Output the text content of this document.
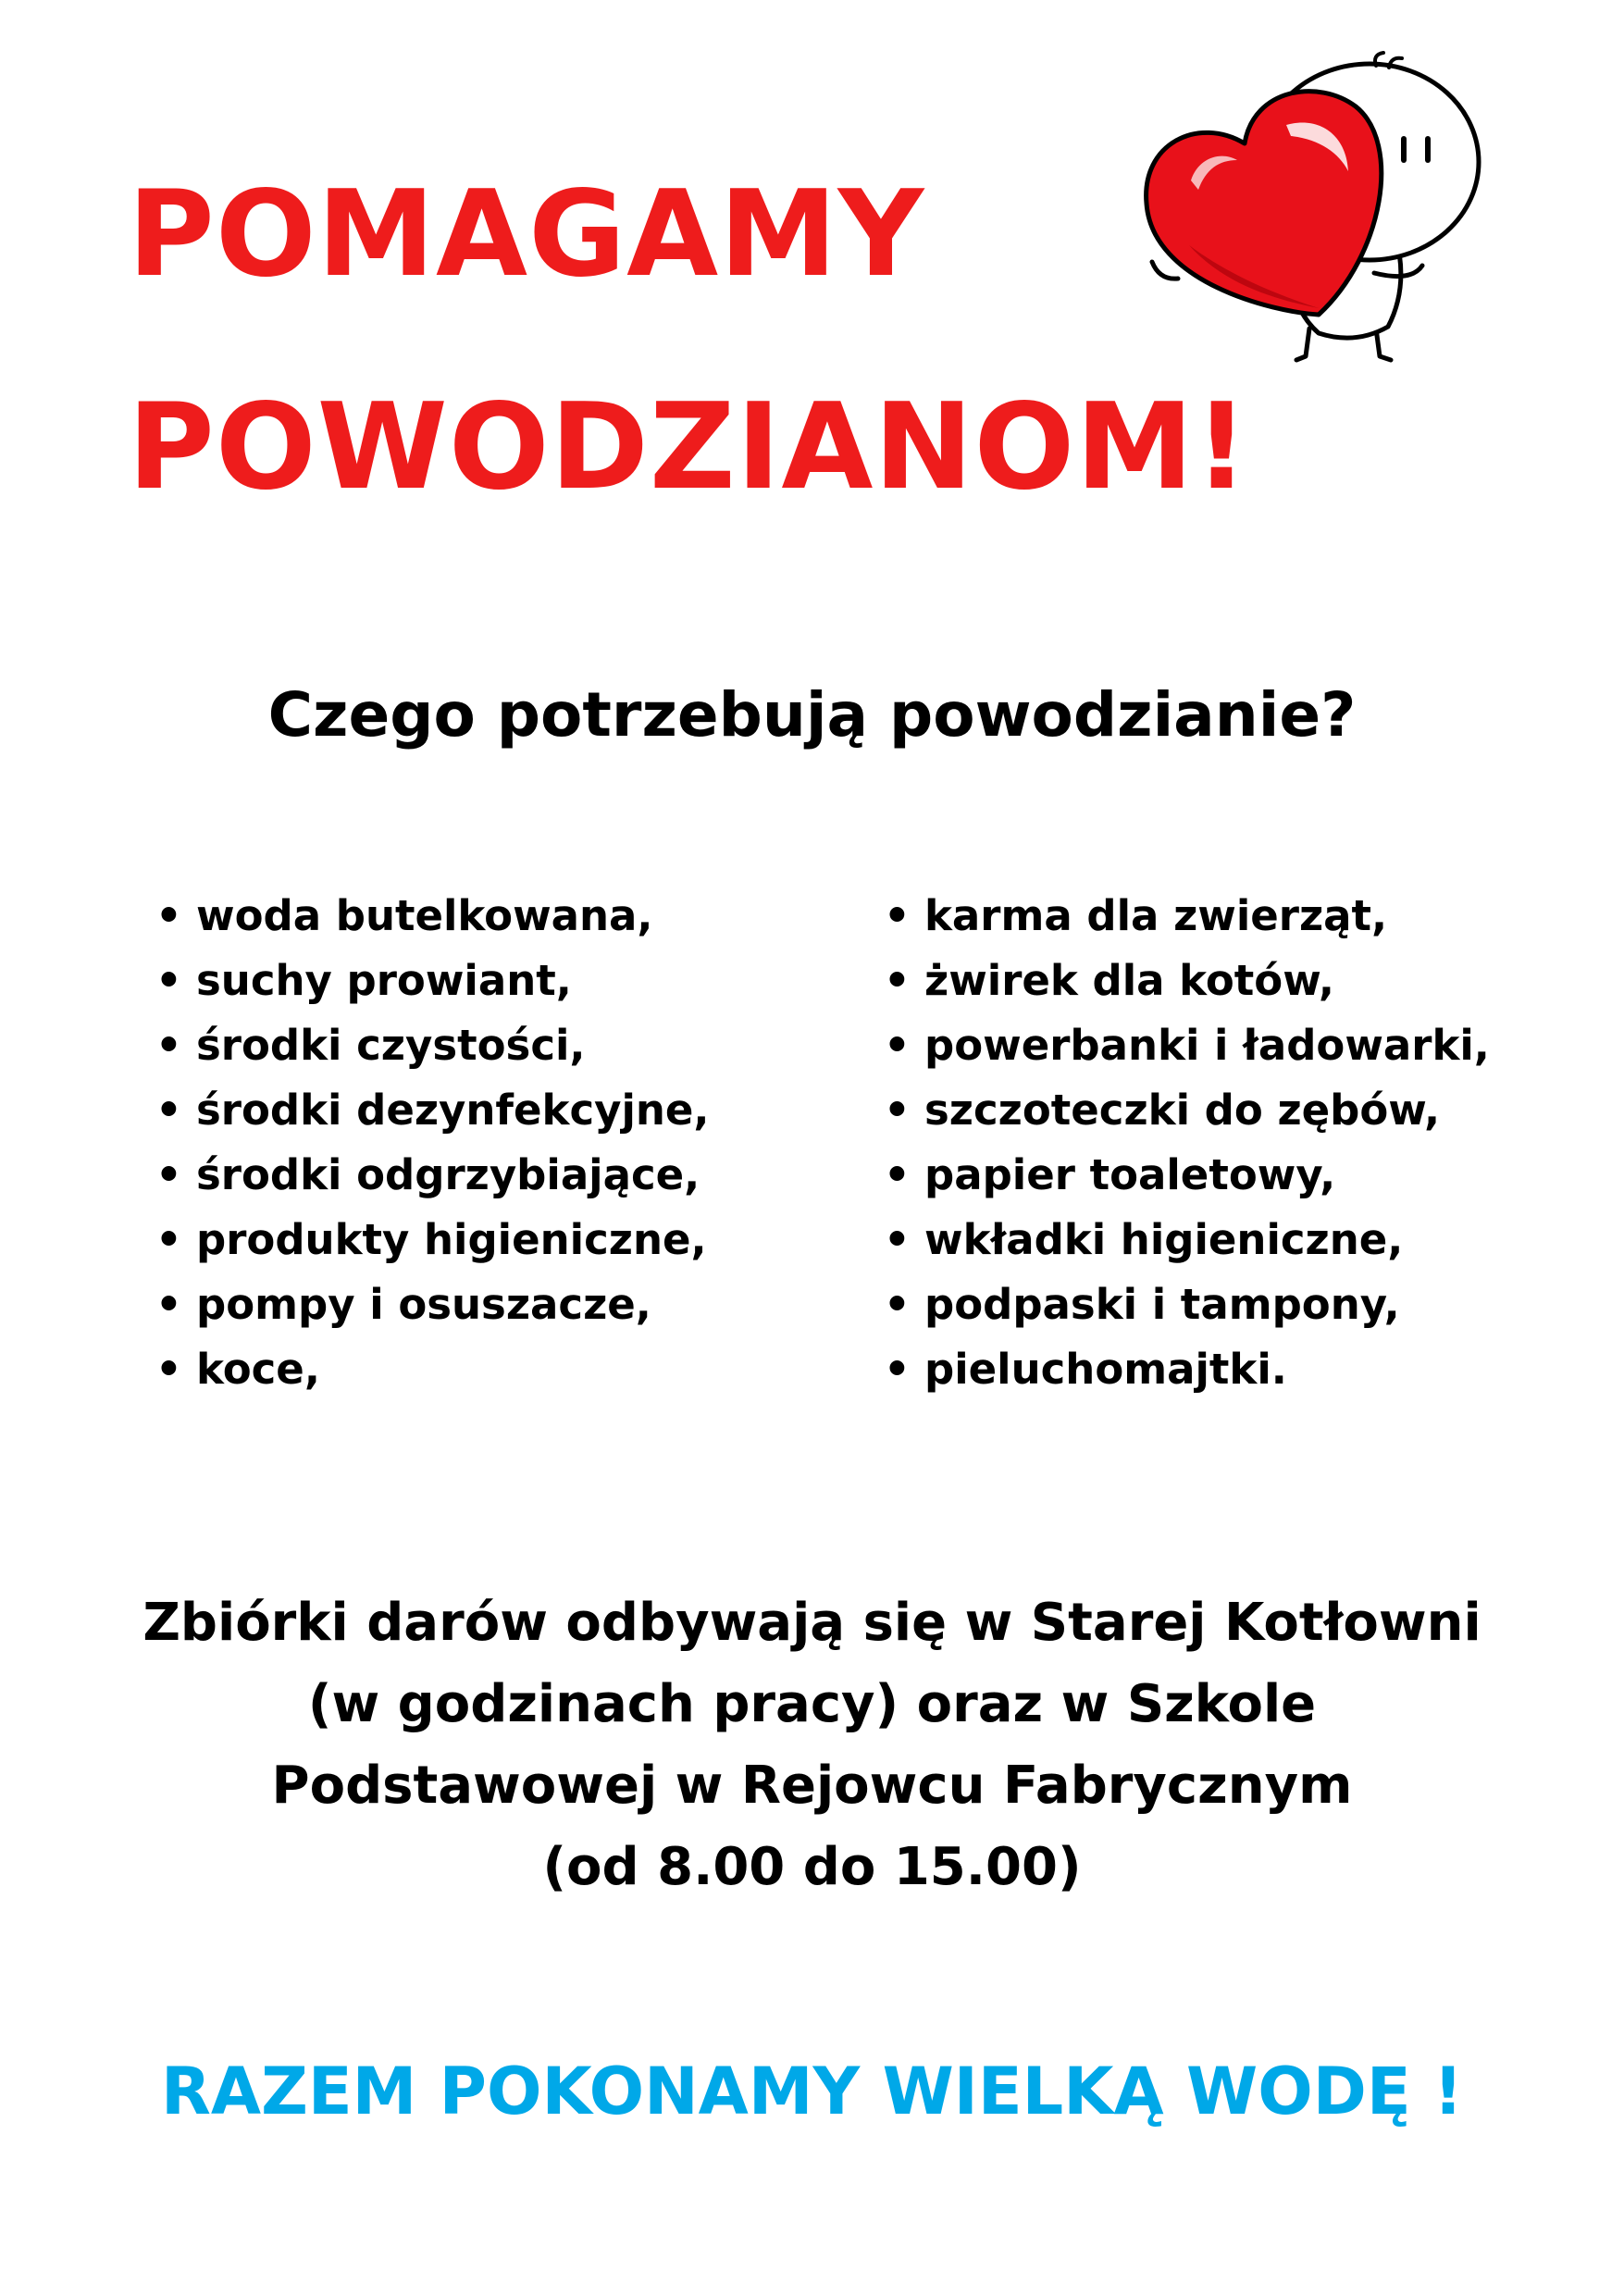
POMAGAMY
POWODZIANOM!
Czego potrzebują powodzianie?
• woda butelkowana,
• suchy prowiant,
• środki czystości,
• środki dezynfekcyjne,
• środki odgrzybiające,
• produkty higieniczne,
• pompy i osuszacze,
• koce,
• karma dla zwierząt,
• żwirek dla kotów,
• powerbanki i ładowarki,
• szczoteczki do zębów,
• papier toaletowy,
• wkładki higieniczne,
• podpaski i tampony,
• pieluchomajtki.
Zbiórki darów odbywają się w Starej Kotłowni
(w godzinach pracy) oraz w Szkole
Podstawowej w Rejowcu Fabrycznym
(od 8.00 do 15.00)
RAZEM POKONAMY WIELKĄ WODĘ !
